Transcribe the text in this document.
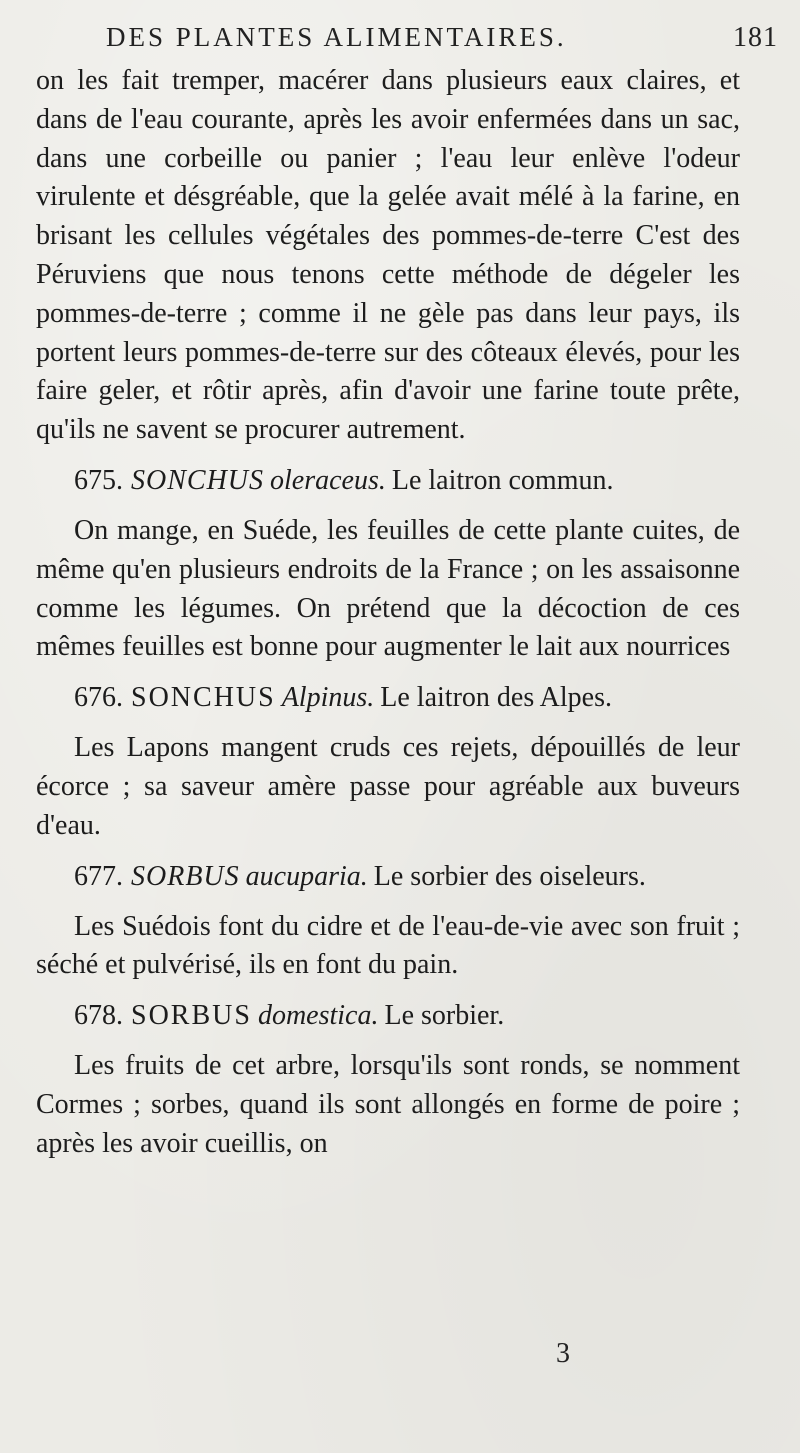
DES PLANTES ALIMENTAIRES.	181

on les fait tremper, macérer dans plusieurs eaux claires, et dans de l'eau courante, après les avoir enfermées dans un sac, dans une corbeille ou panier ; l'eau leur enlève l'odeur virulente et désgréable, que la gelée avait mélé à la farine, en brisant les cellules végétales des pommes-de-terre C'est des Péruviens que nous tenons cette méthode de dégeler les pommes-de-terre ; comme il ne gèle pas dans leur pays, ils portent leurs pommes-de-terre sur des côteaux élevés, pour les faire geler, et rôtir après, afin d'avoir une farine toute prête, qu'ils ne savent se procurer autrement.

675. SONCHUS oleraceus. Le laitron commun.

On mange, en Suéde, les feuilles de cette plante cuites, de même qu'en plusieurs endroits de la France ; on les assaisonne comme les légumes. On prétend que la décoction de ces mêmes feuilles est bonne pour augmenter le lait aux nourrices

676. SONCHUS Alpinus. Le laitron des Alpes.

Les Lapons mangent cruds ces rejets, dépouillés de leur écorce ; sa saveur amère passe pour agréable aux buveurs d'eau.

677. SORBUS aucuparia. Le sorbier des oiseleurs.

Les Suédois font du cidre et de l'eau-de-vie avec son fruit ; séché et pulvérisé, ils en font du pain.

678. SORBUS domestica. Le sorbier.

Les fruits de cet arbre, lorsqu'ils sont ronds, se nomment Cormes ; sorbes, quand ils sont allongés en forme de poire ; après les avoir cueillis, on

3
